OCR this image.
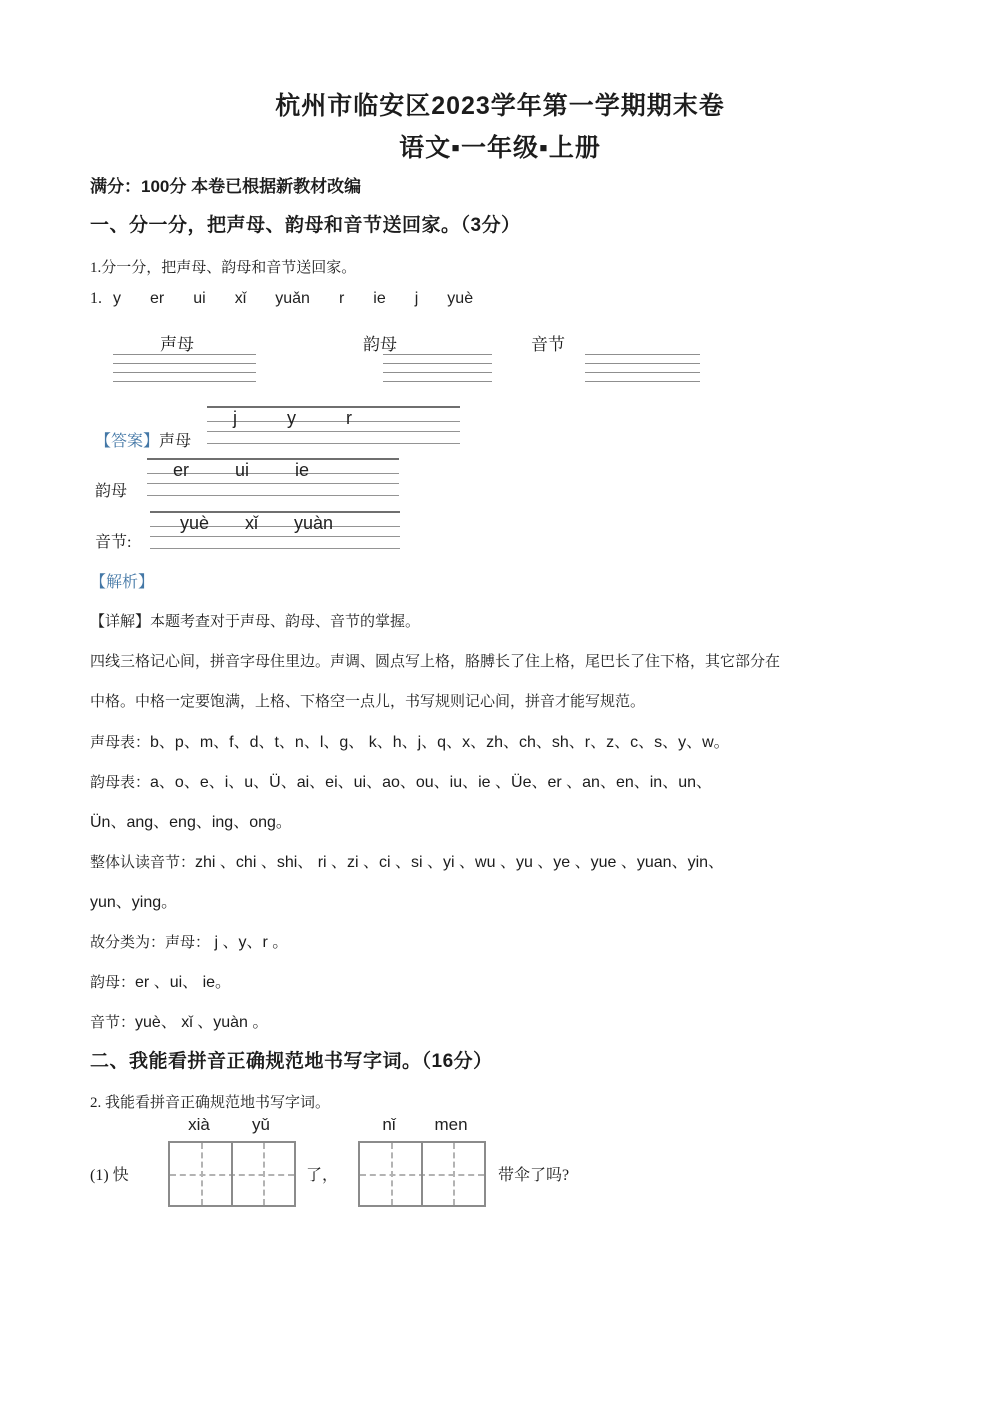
杭州市临安区2023学年第一学期期末卷
语文▪一年级▪上册
满分：100分 本卷已根据新教材改编
一、分一分，把声母、韵母和音节送回家。（3分）
1.分一分，把声母、韵母和音节送回家。
1. y er ui xǐ yuǎn r ie j yuè
声母	韵母	音节
【答案】声母
j	y	r
韵母
er	ui	ie
音节:
yuè xǐ yuàn
【解析】
【详解】本题考查对于声母、韵母、音节的掌握。
四线三格记心间，拼音字母住里边。声调、圆点写上格，胳膊长了住上格，尾巴长了住下格，其它部分在
中格。中格一定要饱满，上格、下格空一点儿，书写规则记心间，拼音才能写规范。
声母表：b、p、m、f、d、t、n、l、g、 k、h、j、q、x、zh、ch、sh、r、z、c、s、y、w。
韵母表：a、o、e、i、u、Ü、ai、ei、ui、ao、ou、iu、ie 、Üe、er 、an、en、in、un、
Ün、ang、eng、ing、ong。
整体认读音节：zhi 、chi 、shi、 ri 、zi 、ci 、si 、yi 、wu 、yu 、ye 、yue 、yuan、yin、
yun、ying。
故分类为：声母： j 、y、r 。
韵母：er 、ui、 ie。
音节：yuè、 xǐ 、yuàn 。
二、我能看拼音正确规范地书写字词。（16分）
2. 我能看拼音正确规范地书写字词。
xià	yǔ	nǐ	men
(1) 快	了，	带伞了吗?
